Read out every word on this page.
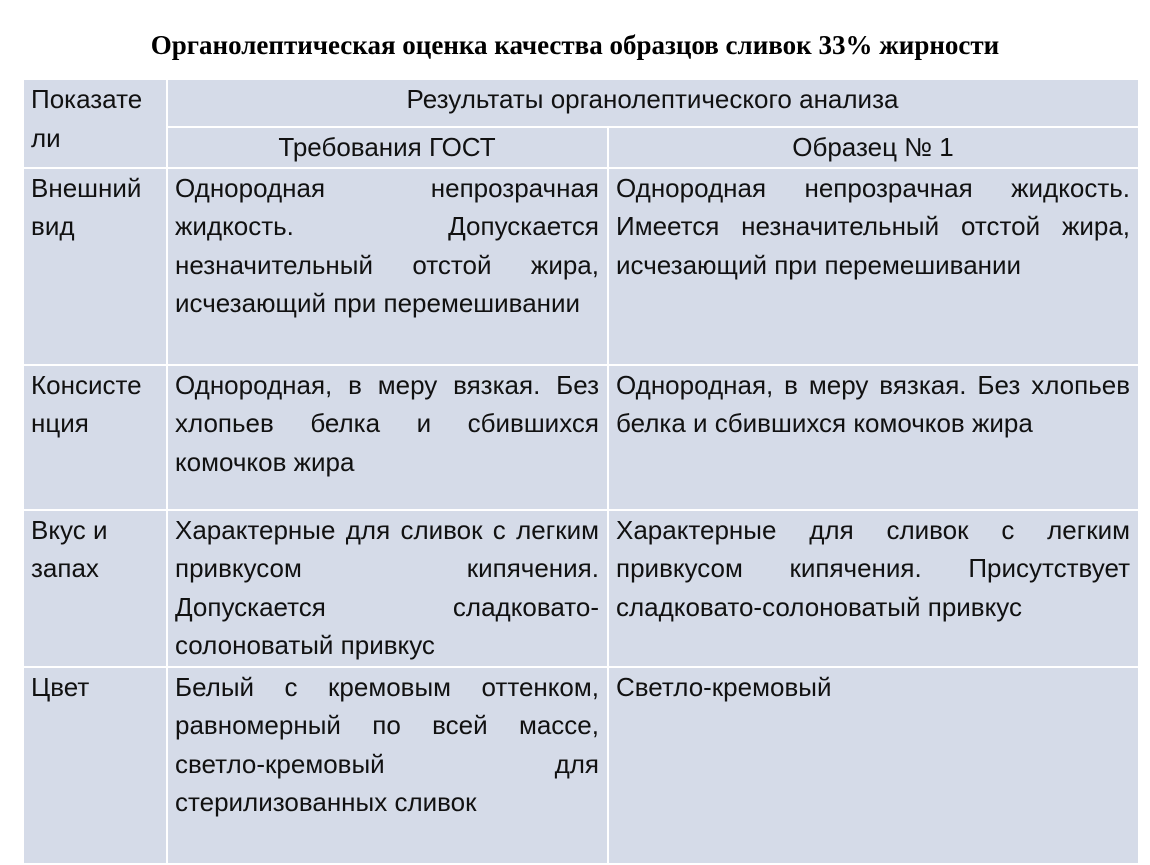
Органолептическая оценка качества образцов сливок 33% жирности
Показате
ли	Результаты органолептического анализа	
	Требования ГОСТ	Образец № 1
Внешний
вид	Однородная непрозрачная жидкость. Допускается незначительный отстой жира, исчезающий при перемешивании	Однородная непрозрачная жидкость. Имеется незначительный отстой жира, исчезающий при перемешивании
Консисте
нция	Однородная, в меру вязкая. Без хлопьев белка и сбившихся комочков жира	Однородная, в меру вязкая. Без хлопьев белка и сбившихся комочков жира
Вкус и
запах	Характерные для сливок с легким привкусом кипячения. Допускается сладковато-солоноватый привкус	Характерные для сливок с легким привкусом кипячения. Присутствует сладковато-солоноватый привкус
Цвет	Белый с кремовым оттенком, равномерный по всей массе, светло-кремовый для стерилизованных сливок	Светло-кремовый
